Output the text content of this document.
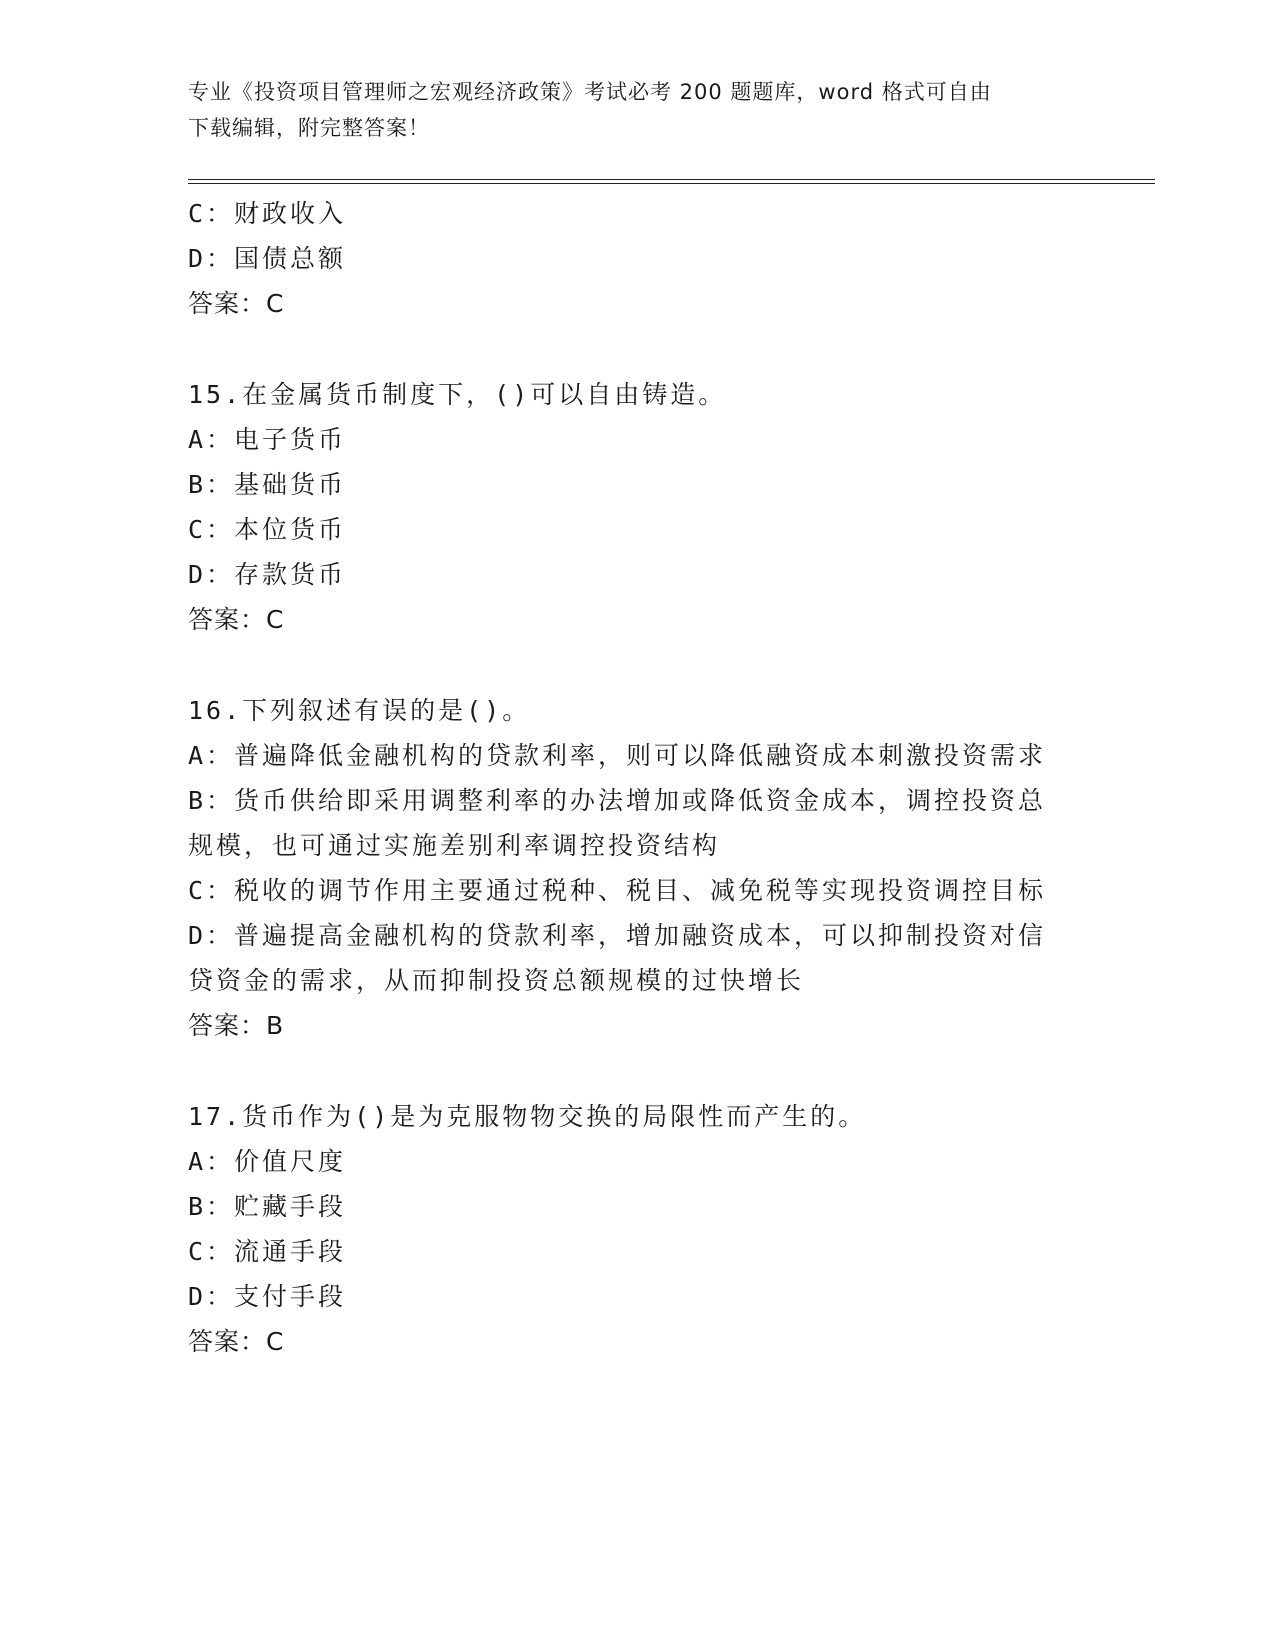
专业《投资项目管理师之宏观经济政策》考试必考 200 题题库，word 格式可自由
下载编辑，附完整答案！
C：财政收入
D：国债总额
答案：C
15.在金属货币制度下，()可以自由铸造。
A：电子货币
B：基础货币
C：本位货币
D：存款货币
答案：C
16.下列叙述有误的是()。
A：普遍降低金融机构的贷款利率，则可以降低融资成本刺激投资需求
B：货币供给即采用调整利率的办法增加或降低资金成本，调控投资总
规模，也可通过实施差别利率调控投资结构
C：税收的调节作用主要通过税种、税目、减免税等实现投资调控目标
D：普遍提高金融机构的贷款利率，增加融资成本，可以抑制投资对信
贷资金的需求，从而抑制投资总额规模的过快增长
答案：B
17.货币作为()是为克服物物交换的局限性而产生的。
A：价值尺度
B：贮藏手段
C：流通手段
D：支付手段
答案：C
